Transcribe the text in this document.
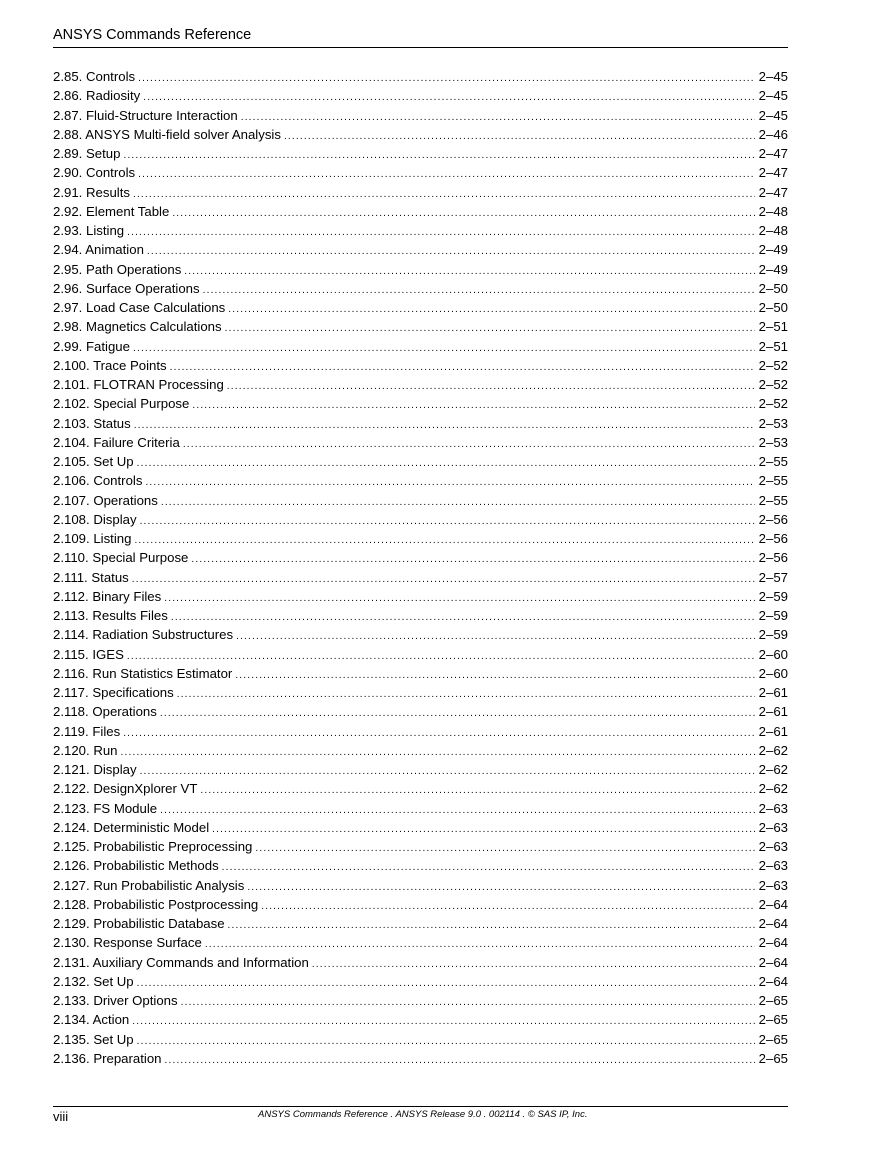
ANSYS Commands Reference
2.85. Controls .....	2–45
2.86. Radiosity .....	2–45
2.87. Fluid-Structure Interaction .....	2–45
2.88. ANSYS Multi-field solver Analysis .....	2–46
2.89. Setup .....	2–47
2.90. Controls .....	2–47
2.91. Results .....	2–47
2.92. Element Table .....	2–48
2.93. Listing .....	2–48
2.94. Animation .....	2–49
2.95. Path Operations .....	2–49
2.96. Surface Operations .....	2–50
2.97. Load Case Calculations .....	2–50
2.98. Magnetics Calculations .....	2–51
2.99. Fatigue .....	2–51
2.100. Trace Points .....	2–52
2.101. FLOTRAN Processing .....	2–52
2.102. Special Purpose .....	2–52
2.103. Status .....	2–53
2.104. Failure Criteria .....	2–53
2.105. Set Up .....	2–55
2.106. Controls .....	2–55
2.107. Operations .....	2–55
2.108. Display .....	2–56
2.109. Listing .....	2–56
2.110. Special Purpose .....	2–56
2.111. Status .....	2–57
2.112. Binary Files .....	2–59
2.113. Results Files .....	2–59
2.114. Radiation Substructures .....	2–59
2.115. IGES .....	2–60
2.116. Run Statistics Estimator .....	2–60
2.117. Specifications .....	2–61
2.118. Operations .....	2–61
2.119. Files .....	2–61
2.120. Run .....	2–62
2.121. Display .....	2–62
2.122. DesignXplorer VT .....	2–62
2.123. FS Module .....	2–63
2.124. Deterministic Model .....	2–63
2.125. Probabilistic Preprocessing .....	2–63
2.126. Probabilistic Methods .....	2–63
2.127. Run Probabilistic Analysis .....	2–63
2.128. Probabilistic Postprocessing .....	2–64
2.129. Probabilistic Database .....	2–64
2.130. Response Surface .....	2–64
2.131. Auxiliary Commands and Information .....	2–64
2.132. Set Up .....	2–64
2.133. Driver Options .....	2–65
2.134. Action .....	2–65
2.135. Set Up .....	2–65
2.136. Preparation .....	2–65
viii	ANSYS Commands Reference . ANSYS Release 9.0 . 002114 . © SAS IP, Inc.
